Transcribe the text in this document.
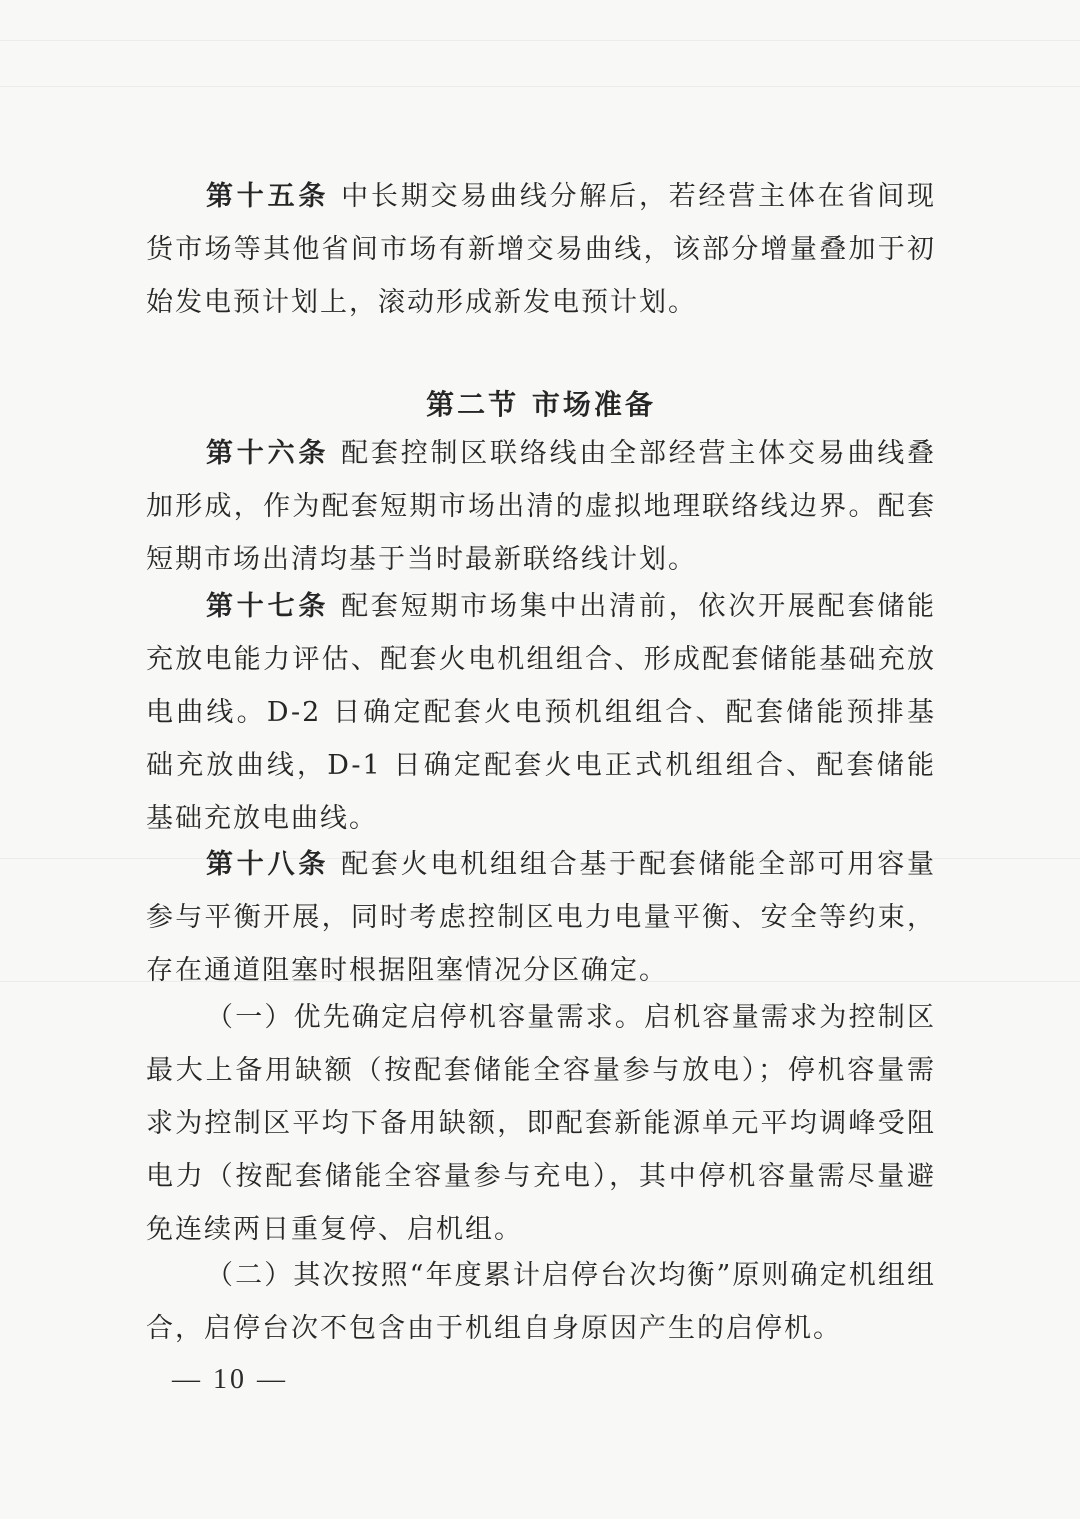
第十五条 中长期交易曲线分解后，若经营主体在省间现货市场等其他省间市场有新增交易曲线，该部分增量叠加于初始发电预计划上，滚动形成新发电预计划。
第二节 市场准备
第十六条 配套控制区联络线由全部经营主体交易曲线叠加形成，作为配套短期市场出清的虚拟地理联络线边界。配套短期市场出清均基于当时最新联络线计划。
第十七条 配套短期市场集中出清前，依次开展配套储能充放电能力评估、配套火电机组组合、形成配套储能基础充放电曲线。D-2 日确定配套火电预机组组合、配套储能预排基础充放曲线，D-1 日确定配套火电正式机组组合、配套储能基础充放电曲线。
第十八条 配套火电机组组合基于配套储能全部可用容量参与平衡开展，同时考虑控制区电力电量平衡、安全等约束，存在通道阻塞时根据阻塞情况分区确定。
（一）优先确定启停机容量需求。启机容量需求为控制区最大上备用缺额（按配套储能全容量参与放电）；停机容量需求为控制区平均下备用缺额，即配套新能源单元平均调峰受阻电力（按配套储能全容量参与充电），其中停机容量需尽量避免连续两日重复停、启机组。
（二）其次按照“年度累计启停台次均衡”原则确定机组组合，启停台次不包含由于机组自身原因产生的启停机。
— 10 —
